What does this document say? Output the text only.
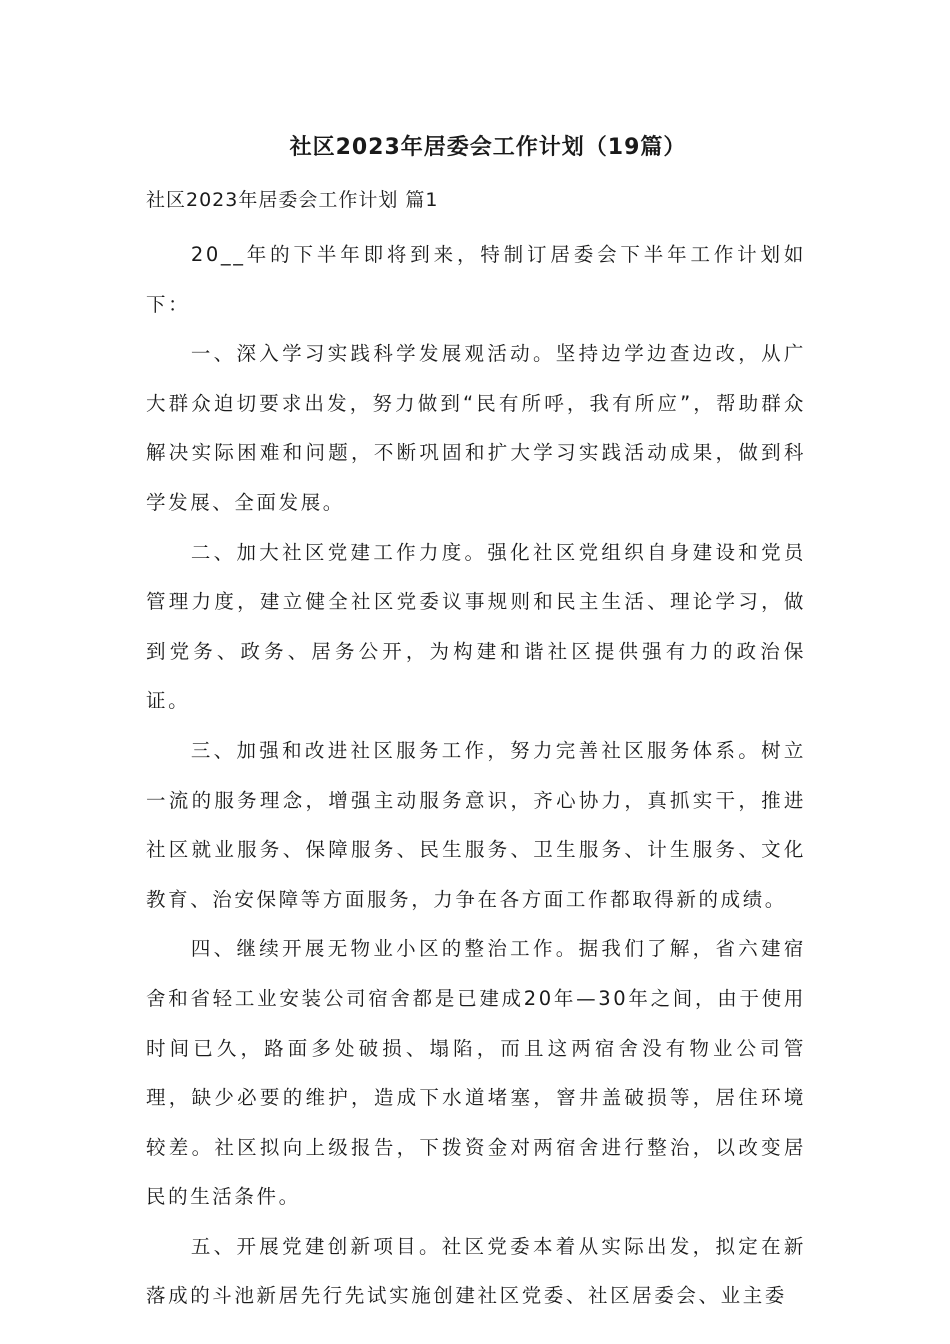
社区2023年居委会工作计划（19篇）
社区2023年居委会工作计划 篇1

20__年的下半年即将到来，特制订居委会下半年工作计划如下：

一、深入学习实践科学发展观活动。坚持边学边查边改，从广大群众迫切要求出发，努力做到“民有所呼，我有所应”，帮助群众解决实际困难和问题，不断巩固和扩大学习实践活动成果，做到科学发展、全面发展。

二、加大社区党建工作力度。强化社区党组织自身建设和党员管理力度，建立健全社区党委议事规则和民主生活、理论学习，做到党务、政务、居务公开，为构建和谐社区提供强有力的政治保证。

三、加强和改进社区服务工作，努力完善社区服务体系。树立一流的服务理念，增强主动服务意识，齐心协力，真抓实干，推进社区就业服务、保障服务、民生服务、卫生服务、计生服务、文化教育、治安保障等方面服务，力争在各方面工作都取得新的成绩。

四、继续开展无物业小区的整治工作。据我们了解，省六建宿舍和省轻工业安装公司宿舍都是已建成20年—30年之间，由于使用时间已久，路面多处破损、塌陷，而且这两宿舍没有物业公司管理，缺少必要的维护，造成下水道堵塞，窨井盖破损等，居住环境较差。社区拟向上级报告，下拨资金对两宿舍进行整治，以改变居民的生活条件。

五、开展党建创新项目。社区党委本着从实际出发，拟定在新落成的斗池新居先行先试实施创建社区党委、社区居委会、业主委
